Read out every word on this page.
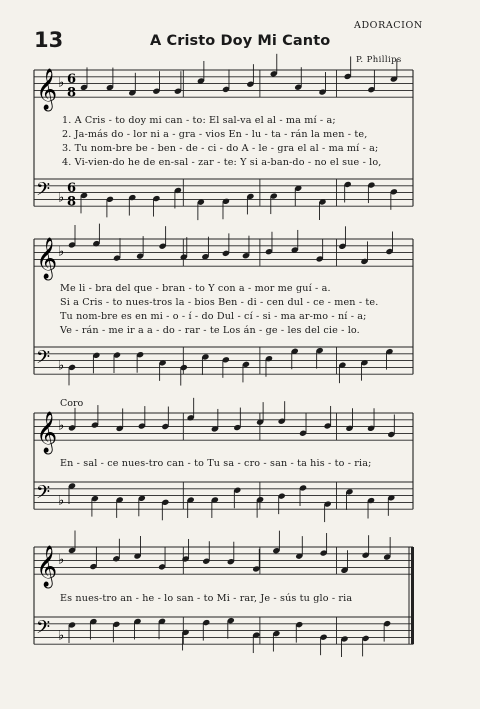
13	A Cristo Doy Mi Canto
ADORACION
P. Phillips
𝄞
𝄢
♭
♭
6
6
8
8
𝄞
𝄢
♭
♭
𝄞
𝄢
♭
♭
𝄞
𝄢
♭
♭
1. A Cris - to doy mi can - to: El sal-va el al - ma mí - a;
2. Ja-más do - lor ni a - gra - vios En - lu - ta - rán la men - te,
3. Tu nom-bre be - ben - de - ci - do A - le - gra el al - ma mí - a;
4. Vi-vien-do he de en-sal - zar - te: Y si a-ban-do - no el sue - lo,
Me li - bra del que - bran - to Y con a - mor me guí - a.
Si a Cris - to nues-tros la - bios Ben - di - cen dul - ce - men - te.
Tu nom-bre es en mi - o - í - do Dul - cí - si - ma ar-mo - ní - a;
Ve - rán - me ir a a - do - rar - te Los án - ge - les del cie - lo.
Coro
En - sal - ce nues-tro can - to Tu sa - cro - san - ta his - to - ria;
Es nues-tro an - he - lo san - to Mi - rar, Je - sús tu glo - ria
